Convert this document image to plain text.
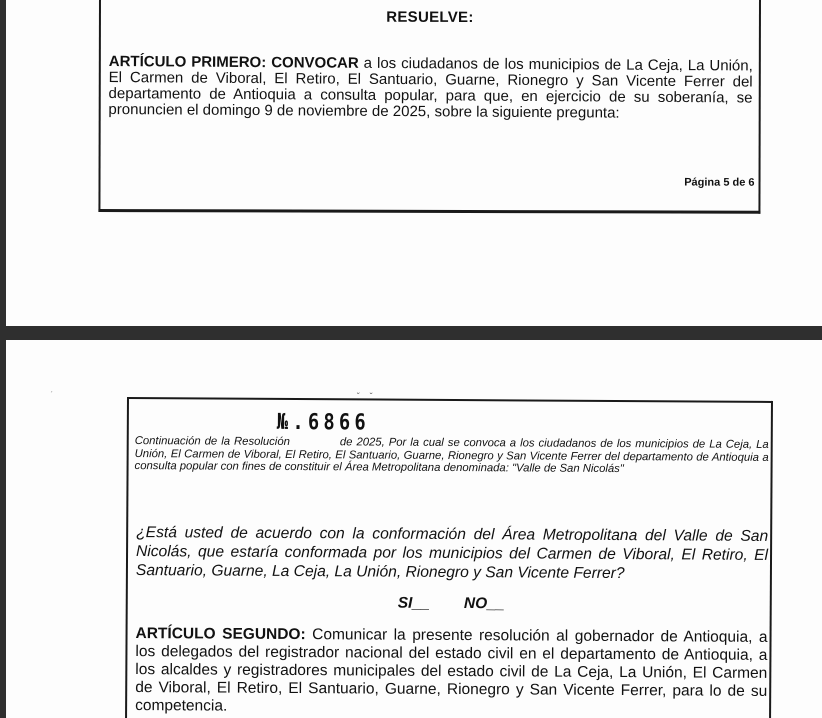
RESUELVE:
ARTÍCULO PRIMERO: CONVOCAR a los ciudadanos de los municipios de La Ceja, La Unión, El Carmen de Viboral, El Retiro, El Santuario, Guarne, Rionegro y San Vicente Ferrer del departamento de Antioquia a consulta popular, para que, en ejercicio de su soberanía, se pronuncien el domingo 9 de noviembre de 2025, sobre la siguiente pregunta:
Página 5 de 6
ˊ	˘ ˘
№.6866
Continuación de la Resolución	de 2025, Por la cual se convoca a los ciudadanos de los municipios de La Ceja, La Unión, El Carmen de Viboral, El Retiro, El Santuario, Guarne, Rionegro y San Vicente Ferrer del departamento de Antioquia a consulta popular con fines de constituir el Área Metropolitana denominada: "Valle de San Nicolás"
¿Está usted de acuerdo con la conformación del Área Metropolitana del Valle de San Nicolás, que estaría conformada por los municipios del Carmen de Viboral, El Retiro, El Santuario, Guarne, La Ceja, La Unión, Rionegro y San Vicente Ferrer?
SI__ NO__
ARTÍCULO SEGUNDO: Comunicar la presente resolución al gobernador de Antioquia, a los delegados del registrador nacional del estado civil en el departamento de Antioquia, a los alcaldes y registradores municipales del estado civil de La Ceja, La Unión, El Carmen de Viboral, El Retiro, El Santuario, Guarne, Rionegro y San Vicente Ferrer, para lo de su competencia.
